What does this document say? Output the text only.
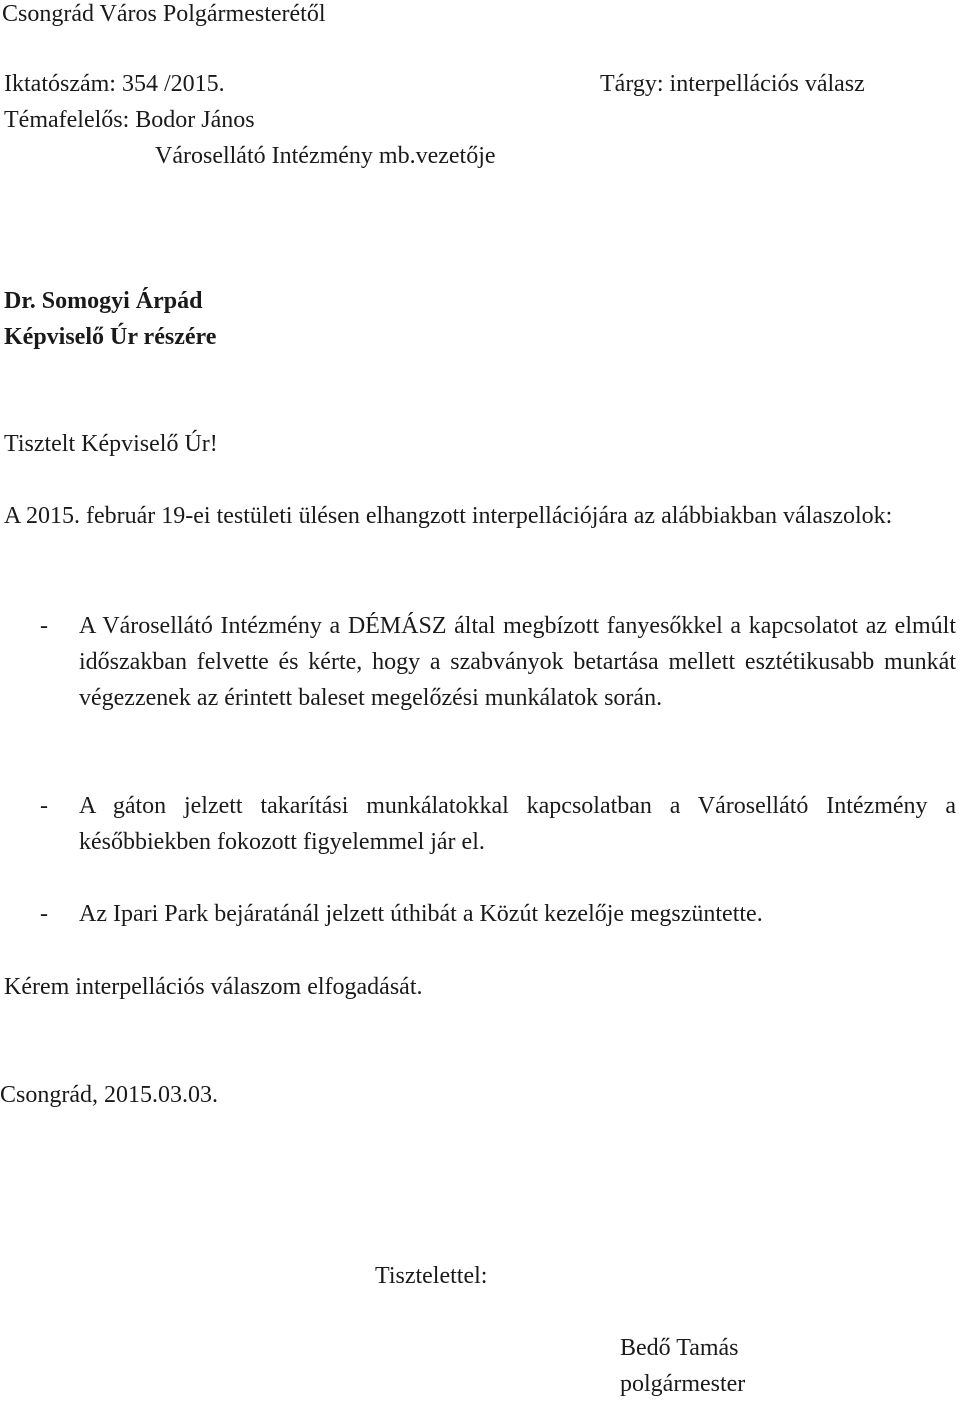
Csongrád Város Polgármesterétől
Iktatószám: 354 /2015.	Tárgy: interpellációs válasz
Témafelelős: Bodor János
Városellátó Intézmény mb.vezetője
Dr. Somogyi Árpád
Képviselő Úr részére
Tisztelt Képviselő Úr!
A 2015. február 19-ei testületi ülésen elhangzott interpellációjára az alábbiakban válaszolok:
- A Városellátó Intézmény a DÉMÁSZ által megbízott fanyesőkkel a kapcsolatot az elmúlt időszakban felvette és kérte, hogy a szabványok betartása mellett esztétikusabb munkát végezzenek az érintett baleset megelőzési munkálatok során.
- A gáton jelzett takarítási munkálatokkal kapcsolatban a Városellátó Intézmény a későbbiekben fokozott figyelemmel jár el.
- Az Ipari Park bejáratánál jelzett úthibát a Közút kezelője megszüntette.
Kérem interpellációs válaszom elfogadását.
Csongrád, 2015.03.03.
Tisztelettel:
Bedő Tamás
polgármester
